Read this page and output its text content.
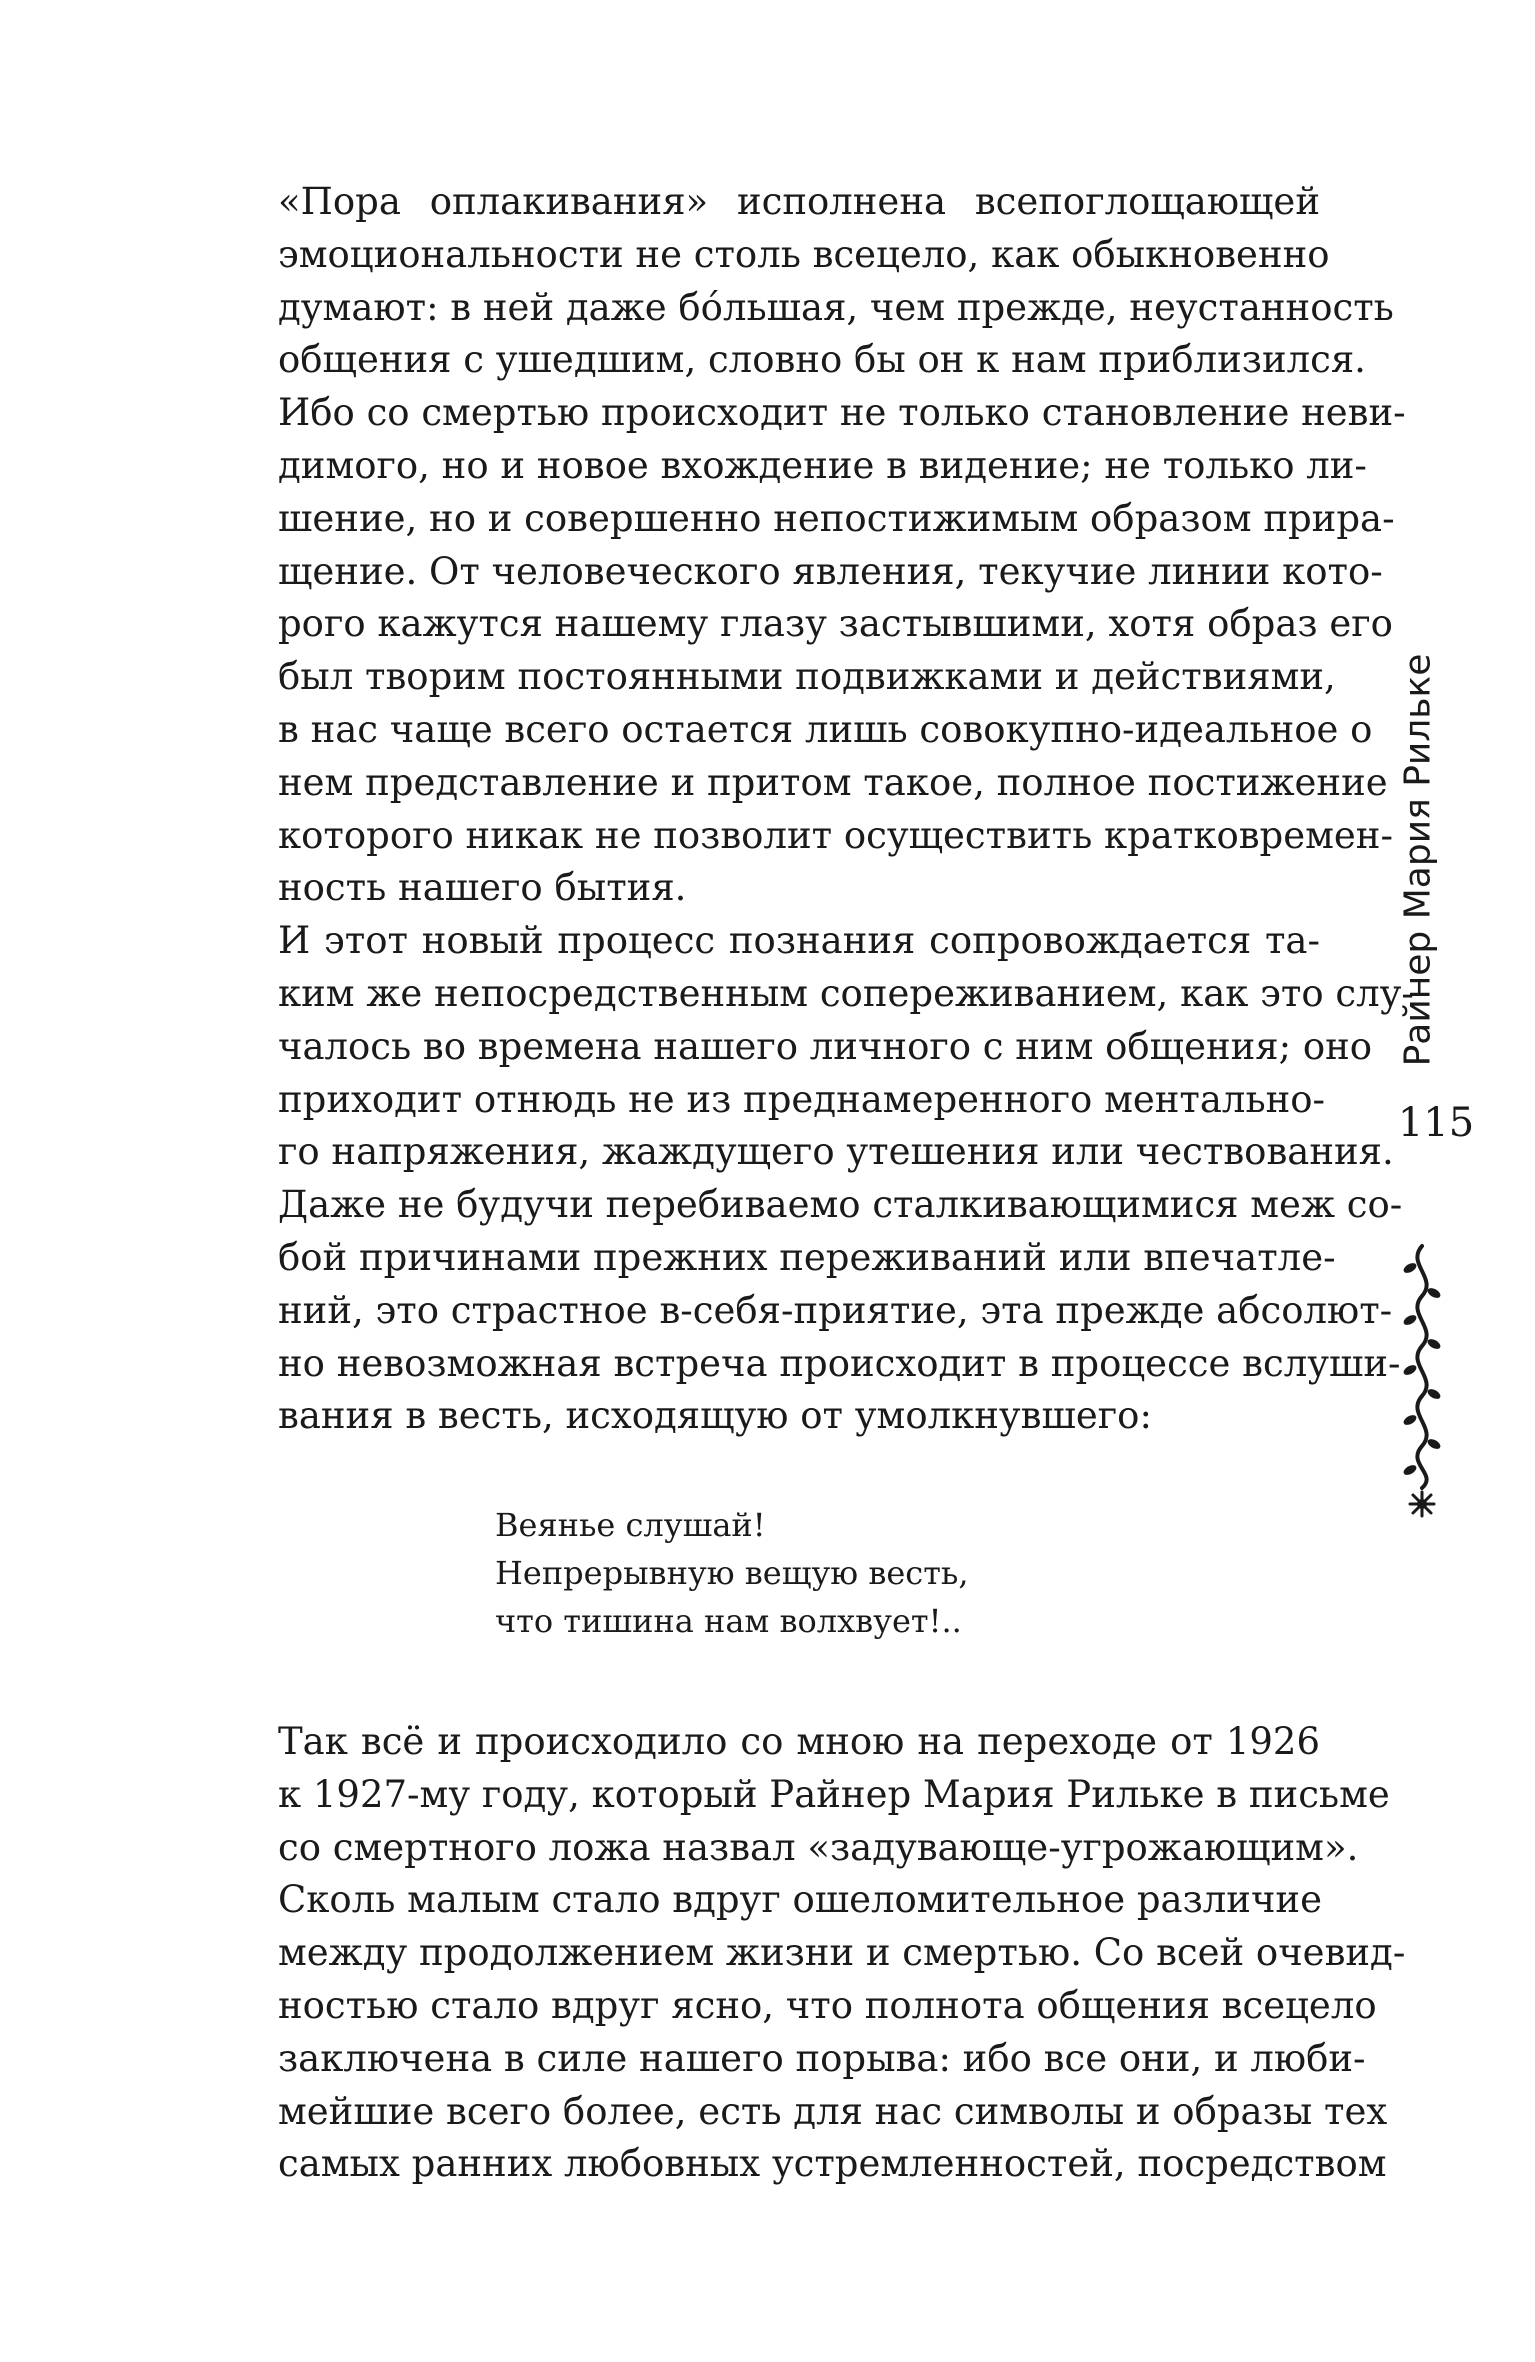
«Пора оплакивания» исполнена всепоглощающей
эмоциональности не столь всецело, как обыкновенно
думают: в ней даже бóльшая, чем прежде, неустанность
общения с ушедшим, словно бы он к нам приблизился.
Ибо со смертью происходит не только становление неви-
димого, но и новое вхождение в видение; не только ли-
шение, но и совершенно непостижимым образом прира-
щение. От человеческого явления, текучие линии кото-
рого кажутся нашему глазу застывшими, хотя образ его
был творим постоянными подвижками и действиями,
в нас чаще всего остается лишь совокупно-идеальное о
нем представление и притом такое, полное постижение
которого никак не позволит осуществить кратковремен-
ность нашего бытия.

И этот новый процесс познания сопровождается та-
ким же непосредственным сопереживанием, как это слу-
чалось во времена нашего личного с ним общения; оно
приходит отнюдь не из преднамеренного ментально-
го напряжения, жаждущего утешения или чествования.
Даже не будучи перебиваемо сталкивающимися меж со-
бой причинами прежних переживаний или впечатле-
ний, это страстное в-себя-приятие, эта прежде абсолют-
но невозможная встреча происходит в процессе вслуши-
вания в весть, исходящую от умолкнувшего:

Веянье слушай!
Непрерывную вещую весть,
что тишина нам волхвует!..

Так всё и происходило со мною на переходе от 1926
к 1927-му году, который Райнер Мария Рильке в письме
со смертного ложа назвал «задувающе-угрожающим».
Сколь малым стало вдруг ошеломительное различие
между продолжением жизни и смертью. Со всей очевид-
ностью стало вдруг ясно, что полнота общения всецело
заключена в силе нашего порыва: ибо все они, и люби-
мейшие всего более, есть для нас символы и образы тех
самых ранних любовных устремленностей, посредством

Райнер Мария Рильке
115
